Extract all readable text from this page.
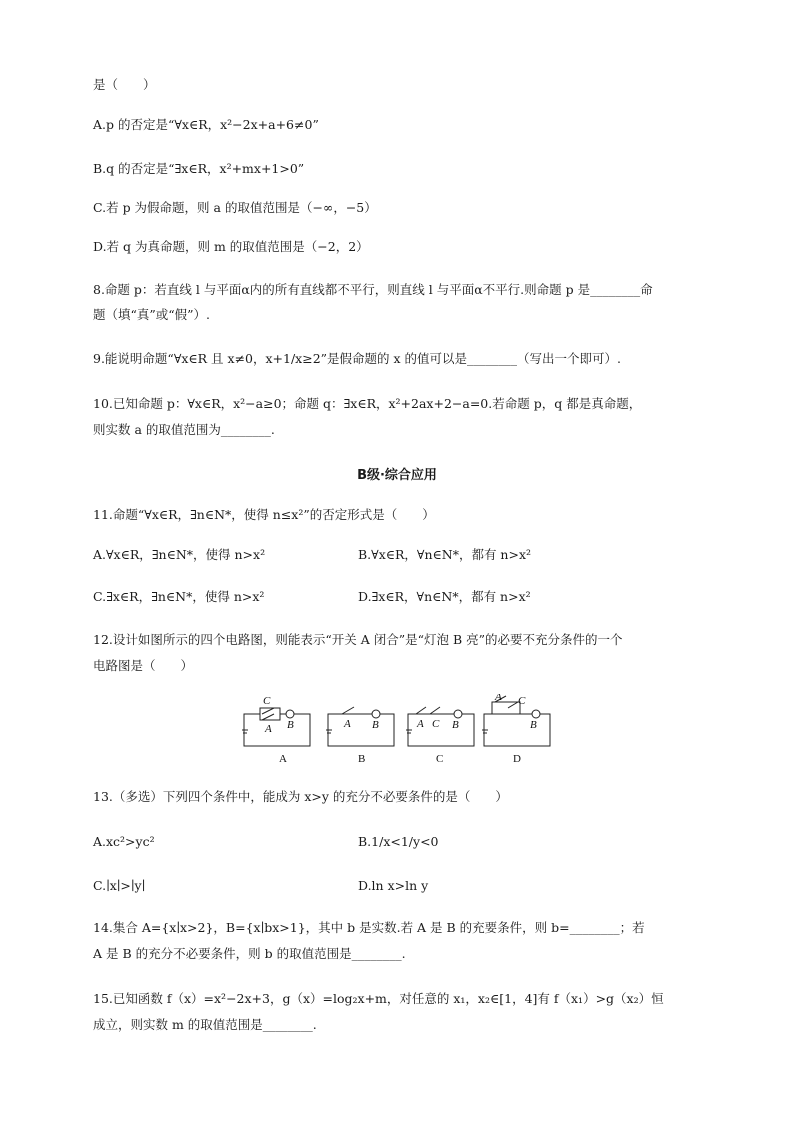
是（　　）
A.p 的否定是“∀x∈R，x²−2x+a+6≠0”
B.q 的否定是“∃x∈R，x²+mx+1>0”
C.若 p 为假命题，则 a 的取值范围是（−∞，−5）
D.若 q 为真命题，则 m 的取值范围是（−2，2）
8.命题 p：若直线 l 与平面α内的所有直线都不平行，则直线 l 与平面α不平行.则命题 p 是________命
题（填“真”或“假”）.
9.能说明命题“∀x∈R 且 x≠0，x+1/x≥2”是假命题的 x 的值可以是________（写出一个即可）.
10.已知命题 p：∀x∈R，x²−a≥0；命题 q：∃x∈R，x²+2ax+2−a=0.若命题 p，q 都是真命题，
则实数 a 的取值范围为________.
B级·综合应用
11.命题“∀x∈R，∃n∈N*，使得 n≤x²”的否定形式是（　　）
A.∀x∈R，∃n∈N*，使得 n>x²	B.∀x∈R，∀n∈N*，都有 n>x²
C.∃x∈R，∃n∈N*，使得 n>x²	D.∃x∈R，∀n∈N*，都有 n>x²
12.设计如图所示的四个电路图，则能表示“开关 A 闭合”是“灯泡 B 亮”的必要不充分条件的一个
电路图是（　　）
C
A B
A
A B
B
A C B
C
A C
B
D
13.（多选）下列四个条件中，能成为 x>y 的充分不必要条件的是（　　）
A.xc²>yc²	B.1/x<1/y<0
C.∣x∣>∣y∣	D.ln x>ln y
14.集合 A={x∣x>2}，B={x∣bx>1}，其中 b 是实数.若 A 是 B 的充要条件，则 b=________；若
A 是 B 的充分不必要条件，则 b 的取值范围是________.
15.已知函数 f（x）=x²−2x+3，g（x）=log₂x+m，对任意的 x₁，x₂∈[1，4]有 f（x₁）>g（x₂）恒
成立，则实数 m 的取值范围是________.
